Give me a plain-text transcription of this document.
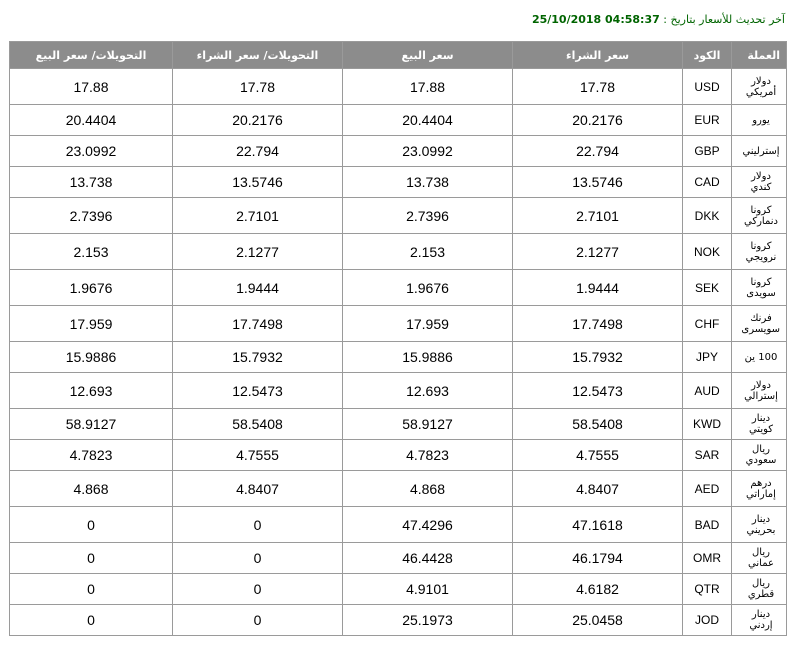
آخر تحديث للأسعار بتاريخ : 25/10/2018 04:58:37
العملة	الكود	سعر الشراء	سعر البيع	التحويلات/ سعر الشراء	التحويلات/ سعر البيع
دولار أمريكي	USD	17.78	17.88	17.78	17.88
يورو	EUR	20.2176	20.4404	20.2176	20.4404
إسترليني	GBP	22.794	23.0992	22.794	23.0992
دولار كندي	CAD	13.5746	13.738	13.5746	13.738
كرونا دنماركي	DKK	2.7101	2.7396	2.7101	2.7396
كرونا نرويجي	NOK	2.1277	2.153	2.1277	2.153
كرونا سويدى	SEK	1.9444	1.9676	1.9444	1.9676
فرنك سويسرى	CHF	17.7498	17.959	17.7498	17.959
100 ين	JPY	15.7932	15.9886	15.7932	15.9886
دولار إسترالي	AUD	12.5473	12.693	12.5473	12.693
دينار كويتي	KWD	58.5408	58.9127	58.5408	58.9127
ريال سعودي	SAR	4.7555	4.7823	4.7555	4.7823
درهم إماراتي	AED	4.8407	4.868	4.8407	4.868
دينار بحريني	BAD	47.1618	47.4296	0	0
ريال عماني	OMR	46.1794	46.4428	0	0
ريال قطري	QTR	4.6182	4.9101	0	0
دينار إردني	JOD	25.0458	25.1973	0	0
